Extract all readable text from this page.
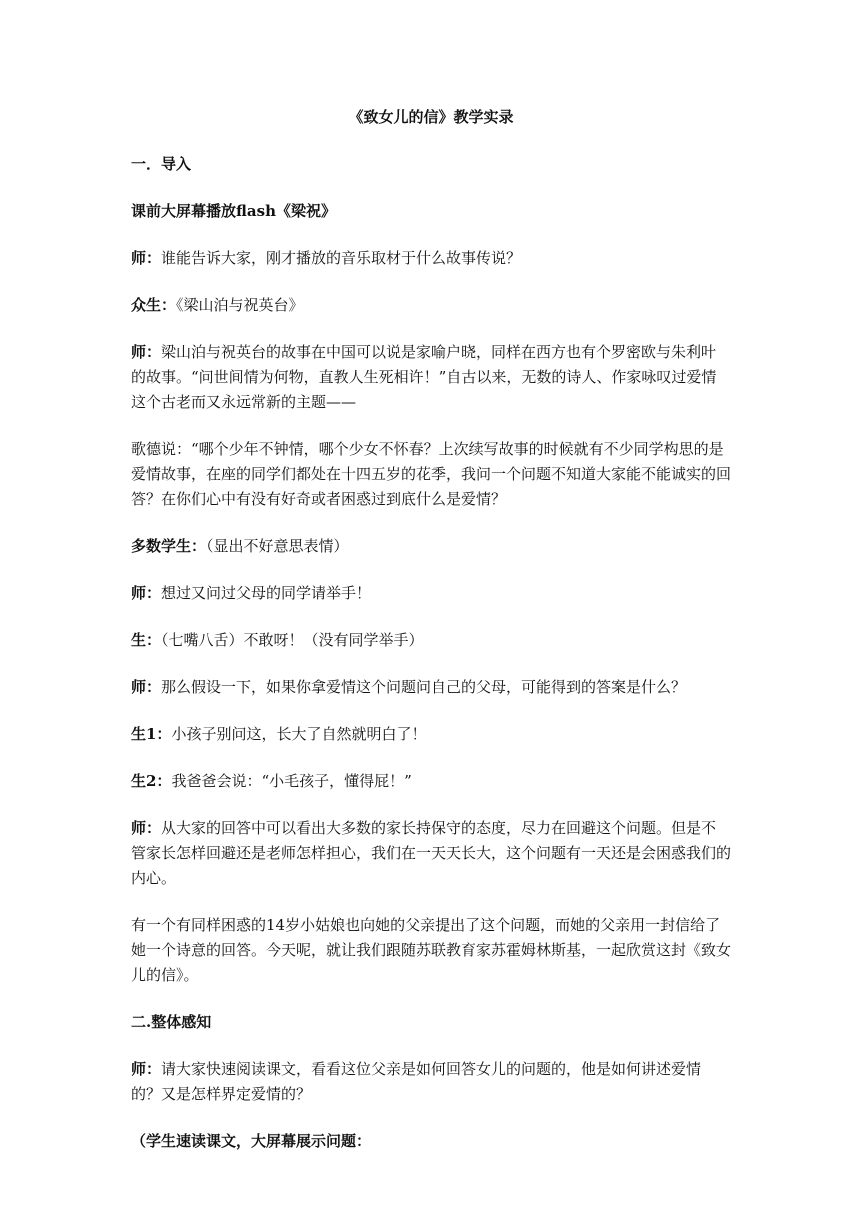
《致女儿的信》教学实录
一．导入
课前大屏幕播放flash《梁祝》
师：谁能告诉大家，刚才播放的音乐取材于什么故事传说？
众生：《梁山泊与祝英台》
师：梁山泊与祝英台的故事在中国可以说是家喻户晓，同样在西方也有个罗密欧与朱利叶的故事。“问世间情为何物，直教人生死相许！”自古以来，无数的诗人、作家咏叹过爱情这个古老而又永远常新的主题——
歌德说：“哪个少年不钟情，哪个少女不怀春？上次续写故事的时候就有不少同学构思的是爱情故事，在座的同学们都处在十四五岁的花季，我问一个问题不知道大家能不能诚实的回答？在你们心中有没有好奇或者困惑过到底什么是爱情？
多数学生：（显出不好意思表情）
师：想过又问过父母的同学请举手！
生：（七嘴八舌）不敢呀！（没有同学举手）
师：那么假设一下，如果你拿爱情这个问题问自己的父母，可能得到的答案是什么？
生1：小孩子别问这，长大了自然就明白了！
生2：我爸爸会说：“小毛孩子，懂得屁！”
师：从大家的回答中可以看出大多数的家长持保守的态度，尽力在回避这个问题。但是不管家长怎样回避还是老师怎样担心，我们在一天天长大，这个问题有一天还是会困惑我们的内心。
有一个有同样困惑的14岁小姑娘也向她的父亲提出了这个问题，而她的父亲用一封信给了她一个诗意的回答。今天呢，就让我们跟随苏联教育家苏霍姆林斯基，一起欣赏这封《致女儿的信》。
二.整体感知
师：请大家快速阅读课文，看看这位父亲是如何回答女儿的问题的，他是如何讲述爱情的？又是怎样界定爱情的？
（学生速读课文，大屏幕展示问题：
